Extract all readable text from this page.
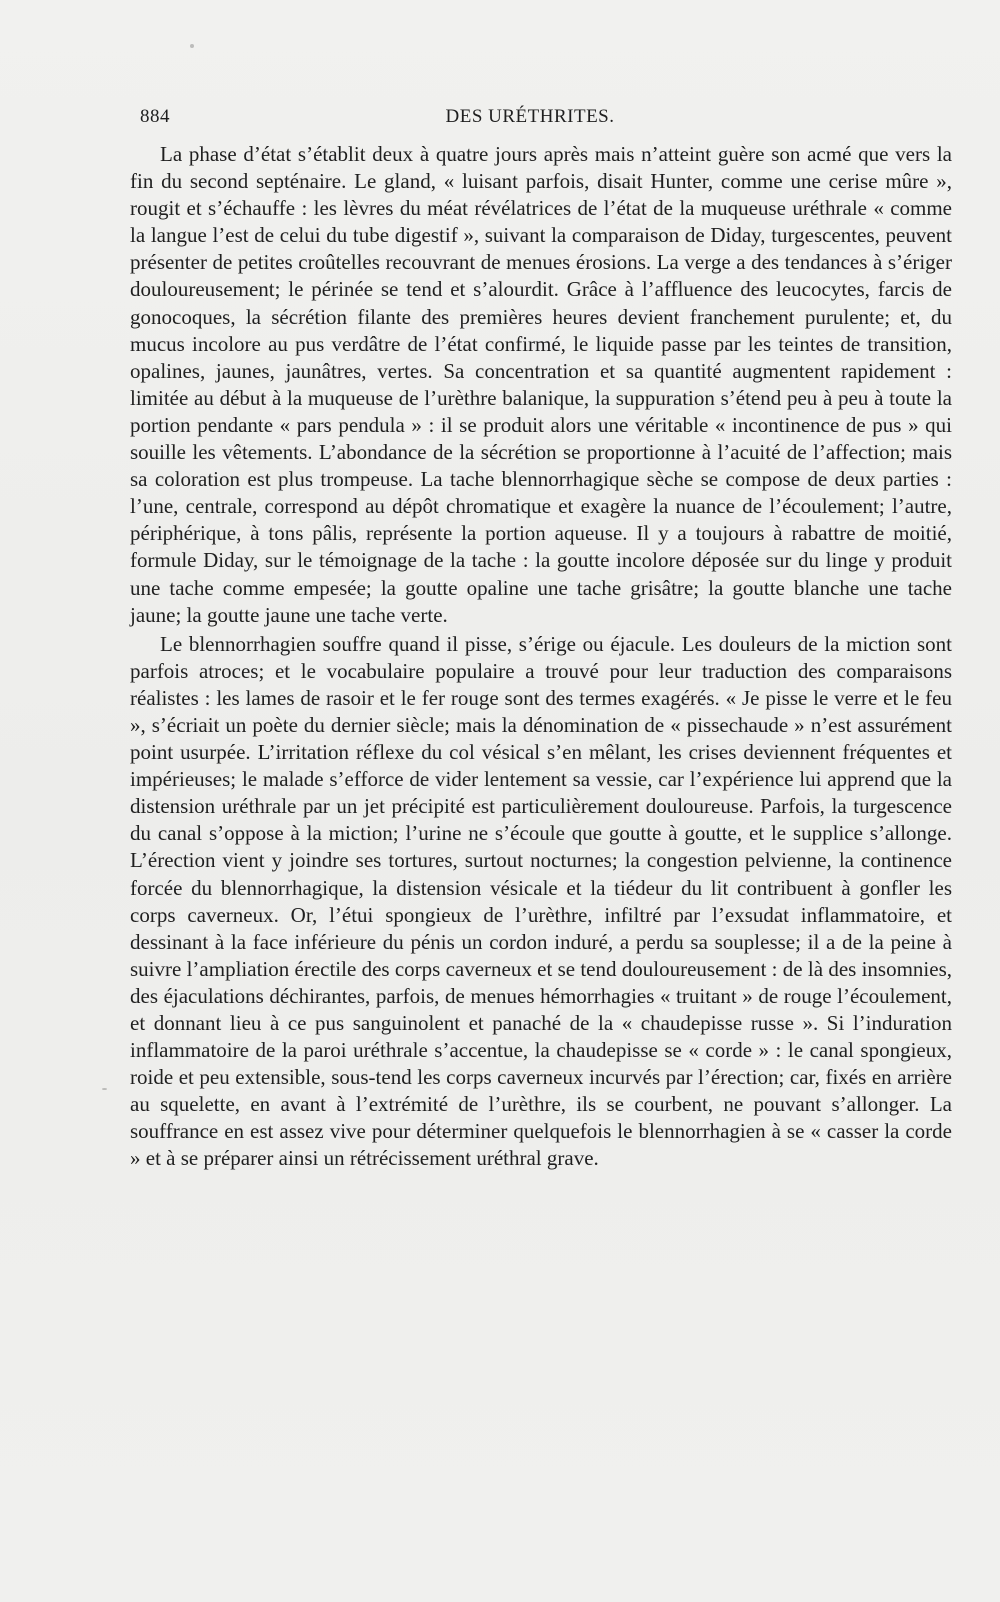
884	DES URÉTHRITES.

La phase d’état s’établit deux à quatre jours après mais n’atteint guère son acmé que vers la fin du second septénaire. Le gland, « luisant parfois, disait Hunter, comme une cerise mûre », rougit et s’échauffe : les lèvres du méat révélatrices de l’état de la muqueuse uréthrale « comme la langue l’est de celui du tube digestif », suivant la comparaison de Diday, turgescentes, peuvent présenter de petites croûtelles recouvrant de menues érosions. La verge a des tendances à s’ériger douloureusement; le périnée se tend et s’alourdit. Grâce à l’affluence des leucocytes, farcis de gonocoques, la sécrétion filante des premières heures devient franchement purulente; et, du mucus incolore au pus verdâtre de l’état confirmé, le liquide passe par les teintes de transition, opalines, jaunes, jaunâtres, vertes. Sa concentration et sa quantité augmentent rapidement : limitée au début à la muqueuse de l’urèthre balanique, la suppuration s’étend peu à peu à toute la portion pendante « pars pendula » : il se produit alors une véritable « incontinence de pus » qui souille les vêtements. L’abondance de la sécrétion se proportionne à l’acuité de l’affection; mais sa coloration est plus trompeuse. La tache blennorrhagique sèche se compose de deux parties : l’une, centrale, correspond au dépôt chromatique et exagère la nuance de l’écoulement; l’autre, périphérique, à tons pâlis, représente la portion aqueuse. Il y a toujours à rabattre de moitié, formule Diday, sur le témoignage de la tache : la goutte incolore déposée sur du linge y produit une tache comme empesée; la goutte opaline une tache grisâtre; la goutte blanche une tache jaune; la goutte jaune une tache verte.

Le blennorrhagien souffre quand il pisse, s’érige ou éjacule. Les douleurs de la miction sont parfois atroces; et le vocabulaire populaire a trouvé pour leur traduction des comparaisons réalistes : les lames de rasoir et le fer rouge sont des termes exagérés. « Je pisse le verre et le feu », s’écriait un poète du dernier siècle; mais la dénomination de « pissechaude » n’est assurément point usurpée. L’irritation réflexe du col vésical s’en mêlant, les crises deviennent fréquentes et impérieuses; le malade s’efforce de vider lentement sa vessie, car l’expérience lui apprend que la distension uréthrale par un jet précipité est particulièrement douloureuse. Parfois, la turgescence du canal s’oppose à la miction; l’urine ne s’écoule que goutte à goutte, et le supplice s’allonge. L’érection vient y joindre ses tortures, surtout nocturnes; la congestion pelvienne, la continence forcée du blennorrhagique, la distension vésicale et la tiédeur du lit contribuent à gonfler les corps caverneux. Or, l’étui spongieux de l’urèthre, infiltré par l’exsudat inflammatoire, et dessinant à la face inférieure du pénis un cordon induré, a perdu sa souplesse; il a de la peine à suivre l’ampliation érectile des corps caverneux et se tend douloureusement : de là des insomnies, des éjaculations déchirantes, parfois, de menues hémorrhagies « truitant » de rouge l’écoulement, et donnant lieu à ce pus sanguinolent et panaché de la « chaudepisse russe ». Si l’induration inflammatoire de la paroi uréthrale s’accentue, la chaudepisse se « corde » : le canal spongieux, roide et peu extensible, sous-tend les corps caverneux incurvés par l’érection; car, fixés en arrière au squelette, en avant à l’extrémité de l’urèthre, ils se courbent, ne pouvant s’allonger. La souffrance en est assez vive pour déterminer quelquefois le blennorrhagien à se « casser la corde » et à se préparer ainsi un rétrécissement uréthral grave.
